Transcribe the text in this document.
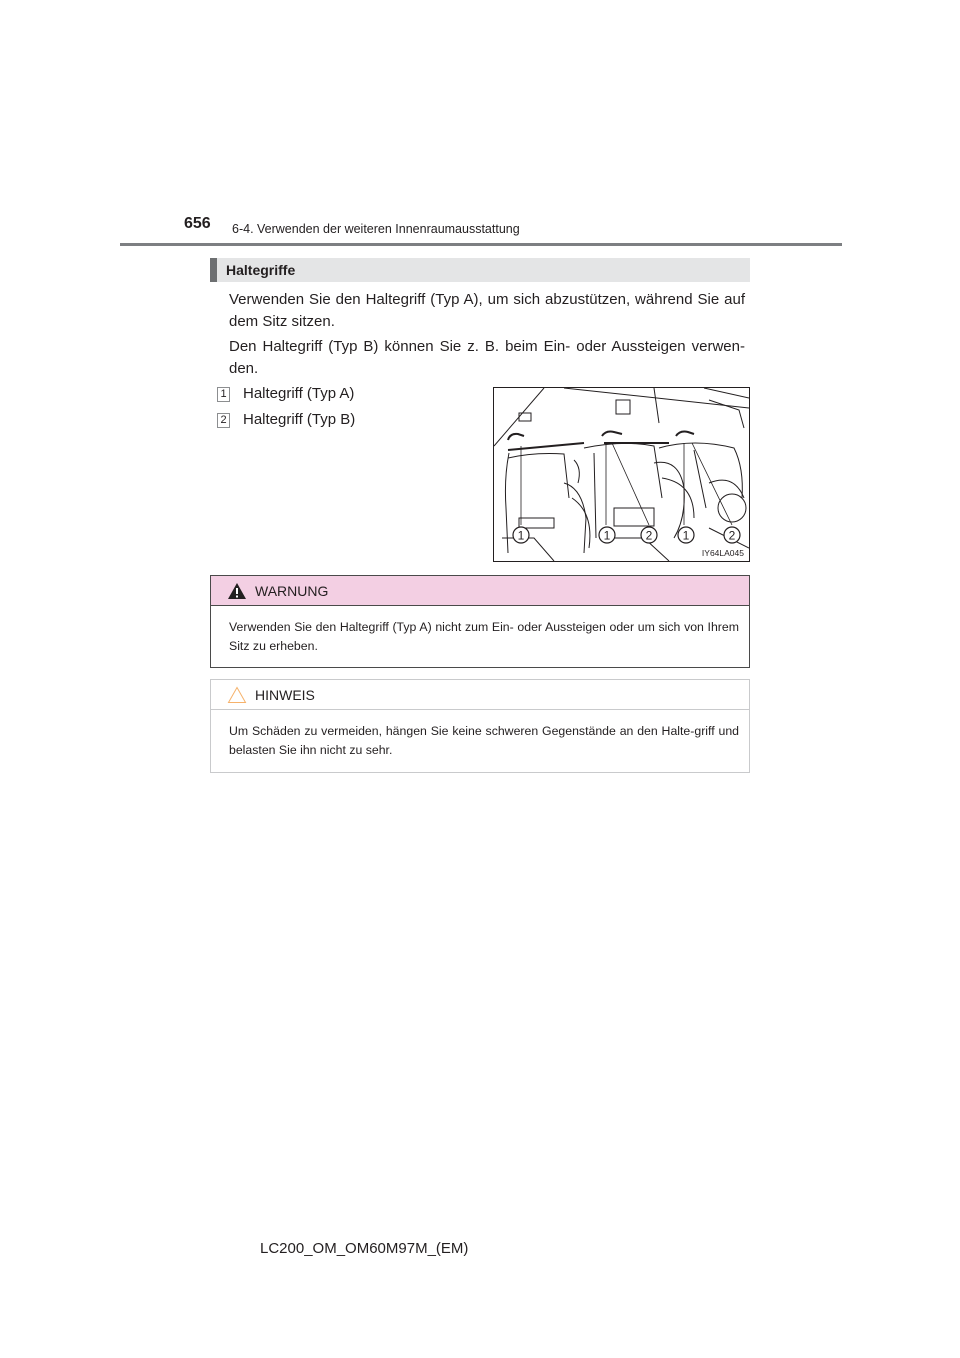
656 6-4. Verwenden der weiteren Innenraumausstattung
Haltegriffe
Verwenden Sie den Haltegriff (Typ A), um sich abzustützen, während Sie auf dem Sitz sitzen.
Den Haltegriff (Typ B) können Sie z. B. beim Ein- oder Aussteigen verwen-den.
1 Haltegriff (Typ A)
2 Haltegriff (Typ B)
1	1	2	1	2
IY64LA045
WARNUNG
Verwenden Sie den Haltegriff (Typ A) nicht zum Ein- oder Aussteigen oder um sich von Ihrem Sitz zu erheben.
HINWEIS
Um Schäden zu vermeiden, hängen Sie keine schweren Gegenstände an den Halte-griff und belasten Sie ihn nicht zu sehr.
LC200_OM_OM60M97M_(EM)
